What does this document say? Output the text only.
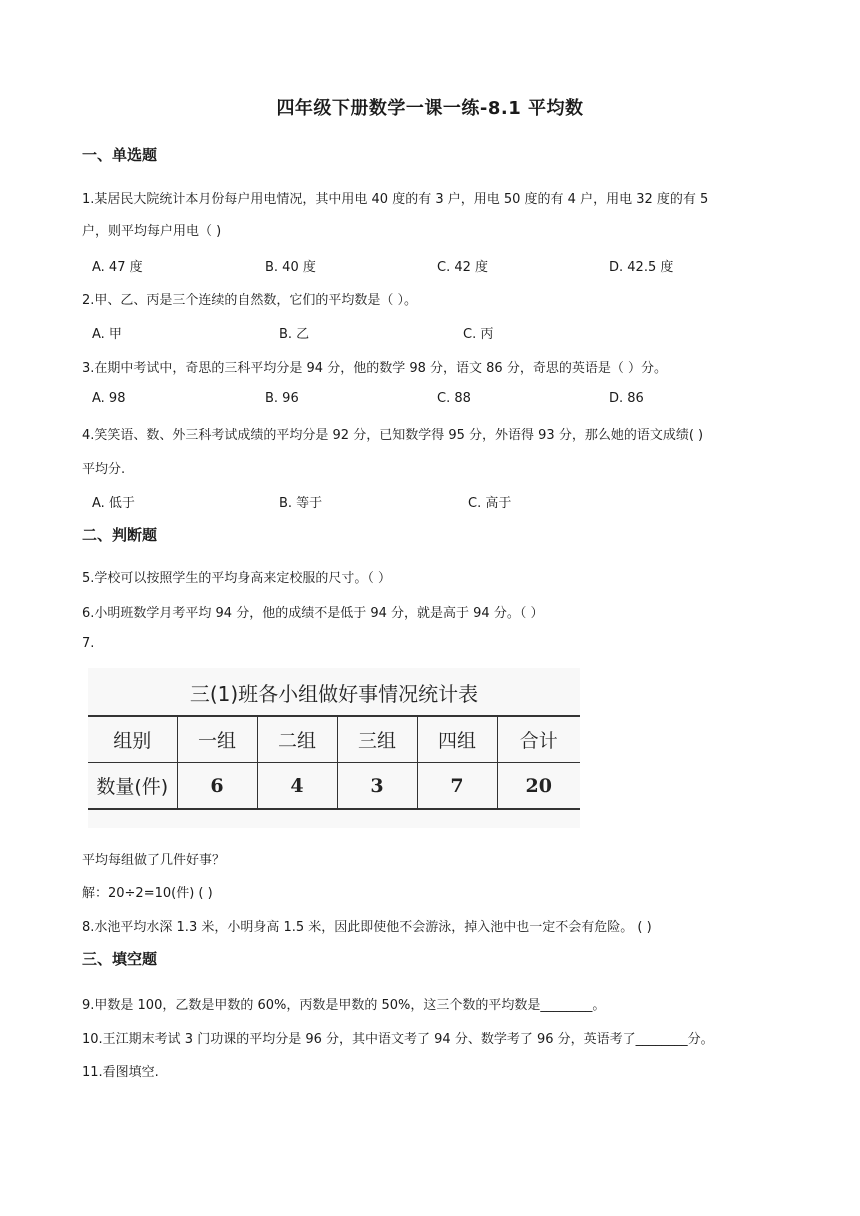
四年级下册数学一课一练-8.1 平均数
一、单选题
1.某居民大院统计本月份每户用电情况，其中用电 40 度的有 3 户，用电 50 度的有 4 户，用电 32 度的有 5
户，则平均每户用电（ )
A. 47 度	B. 40 度	C. 42 度	D. 42.5 度
2.甲、乙、丙是三个连续的自然数，它们的平均数是（ ）。
A. 甲	B. 乙	C. 丙
3.在期中考试中，奇思的三科平均分是 94 分，他的数学 98 分，语文 86 分，奇思的英语是（ ）分。
A. 98	B. 96	C. 88	D. 86
4.笑笑语、数、外三科考试成绩的平均分是 92 分，已知数学得 95 分，外语得 93 分，那么她的语文成绩( )
平均分.
A. 低于	B. 等于	C. 高于
二、判断题
5.学校可以按照学生的平均身高来定校服的尺寸。（ ）
6.小明班数学月考平均 94 分，他的成绩不是低于 94 分，就是高于 94 分。（ ）
7.
三(1)班各小组做好事情况统计表
组别	一组	二组	三组	四组	合计
数量(件)	6	4	3	7	20
平均每组做了几件好事？
解：20÷2=10(件) ( )
8.水池平均水深 1.3 米，小明身高 1.5 米，因此即使他不会游泳，掉入池中也一定不会有危险。 ( )
三、填空题
9.甲数是 100，乙数是甲数的 60%，丙数是甲数的 50%，这三个数的平均数是________。
10.王江期末考试 3 门功课的平均分是 96 分，其中语文考了 94 分、数学考了 96 分，英语考了________分。
11.看图填空.
